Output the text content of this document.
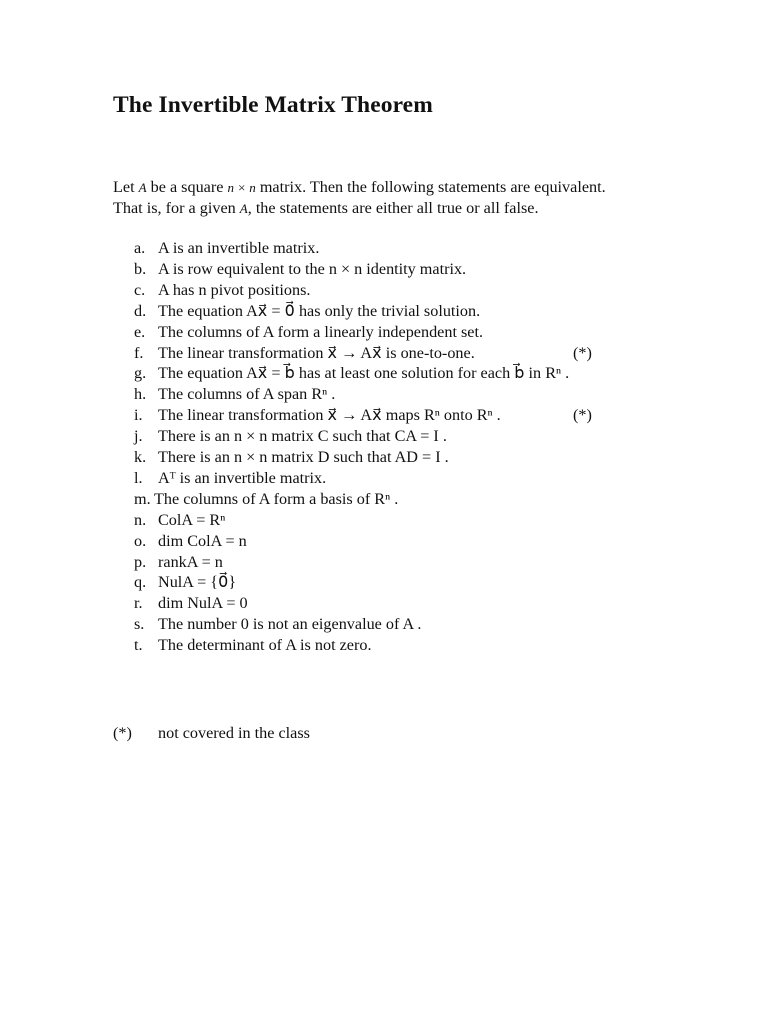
The Invertible Matrix Theorem
Let A be a square n × n matrix. Then the following statements are equivalent.
That is, for a given A, the statements are either all true or all false.
a. A is an invertible matrix.
b. A is row equivalent to the n × n identity matrix.
c. A has n pivot positions.
d. The equation Ax⃗ = 0⃗ has only the trivial solution.
e. The columns of A form a linearly independent set.
f. The linear transformation x⃗ → Ax⃗ is one-to-one.	(*)
g. The equation Ax⃗ = b⃗ has at least one solution for each b⃗ in Rⁿ .
h. The columns of A span Rⁿ .
i. The linear transformation x⃗ → Ax⃗ maps Rⁿ onto Rⁿ .	(*)
j. There is an n × n matrix C such that CA = I .
k. There is an n × n matrix D such that AD = I .
l. Aᵀ is an invertible matrix.
m. The columns of A form a basis of Rⁿ .
n. ColA = Rⁿ
o. dim ColA = n
p. rankA = n
q. NulA = {0⃗}
r. dim NulA = 0
s. The number 0 is not an eigenvalue of A .
t. The determinant of A is not zero.
(*) not covered in the class
